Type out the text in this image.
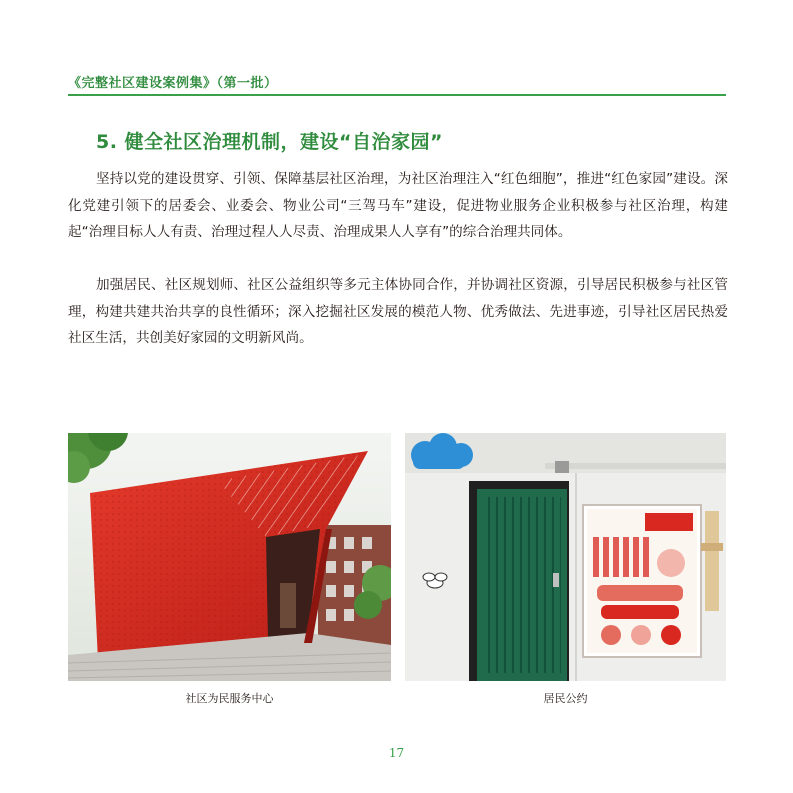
《完整社区建设案例集》（第一批）
5. 健全社区治理机制，建设“自治家园”

坚持以党的建设贯穿、引领、保障基层社区治理，为社区治理注入“红色细胞”，推进“红色家园”建设。深化党建引领下的居委会、业委会、物业公司“三驾马车”建设，促进物业服务企业积极参与社区治理，构建起“治理目标人人有责、治理过程人人尽责、治理成果人人享有”的综合治理共同体。

加强居民、社区规划师、社区公益组织等多元主体协同合作，并协调社区资源，引导居民积极参与社区管理，构建共建共治共享的良性循环；深入挖掘社区发展的模范人物、优秀做法、先进事迹，引导社区居民热爱社区生活，共创美好家园的文明新风尚。

社区为民服务中心	居民公约
17
